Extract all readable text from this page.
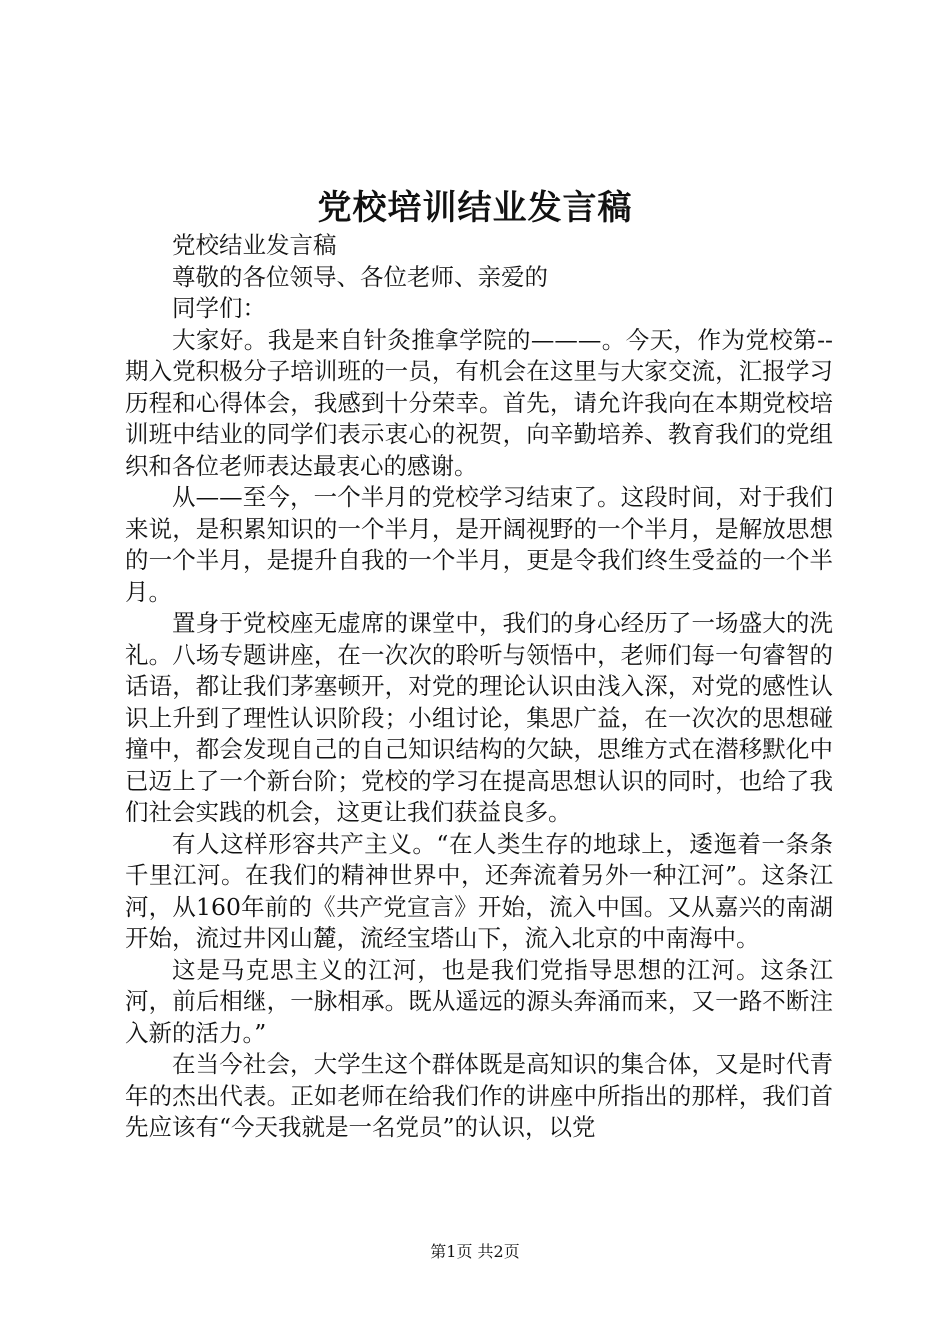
党校培训结业发言稿

党校结业发言稿

尊敬的各位领导、各位老师、亲爱的

同学们：

大家好。我是来自针灸推拿学院的———。今天，作为党校第--期入党积极分子培训班的一员，有机会在这里与大家交流，汇报学习历程和心得体会，我感到十分荣幸。首先，请允许我向在本期党校培训班中结业的同学们表示衷心的祝贺，向辛勤培养、教育我们的党组织和各位老师表达最衷心的感谢。

从——至今，一个半月的党校学习结束了。这段时间，对于我们来说，是积累知识的一个半月，是开阔视野的一个半月，是解放思想的一个半月，是提升自我的一个半月，更是令我们终生受益的一个半月。

置身于党校座无虚席的课堂中，我们的身心经历了一场盛大的洗礼。八场专题讲座，在一次次的聆听与领悟中，老师们每一句睿智的话语，都让我们茅塞顿开，对党的理论认识由浅入深，对党的感性认识上升到了理性认识阶段；小组讨论，集思广益，在一次次的思想碰撞中，都会发现自己的自己知识结构的欠缺，思维方式在潜移默化中已迈上了一个新台阶；党校的学习在提高思想认识的同时，也给了我们社会实践的机会，这更让我们获益良多。

有人这样形容共产主义。“在人类生存的地球上，逶迤着一条条千里江河。在我们的精神世界中，还奔流着另外一种江河”。这条江河，从160年前的《共产党宣言》开始，流入中国。又从嘉兴的南湖开始，流过井冈山麓，流经宝塔山下，流入北京的中南海中。

这是马克思主义的江河，也是我们党指导思想的江河。这条江河，前后相继，一脉相承。既从遥远的源头奔涌而来，又一路不断注入新的活力。”

在当今社会，大学生这个群体既是高知识的集合体，又是时代青年的杰出代表。正如老师在给我们作的讲座中所指出的那样，我们首先应该有“今天我就是一名党员”的认识，以党

第1页 共2页
